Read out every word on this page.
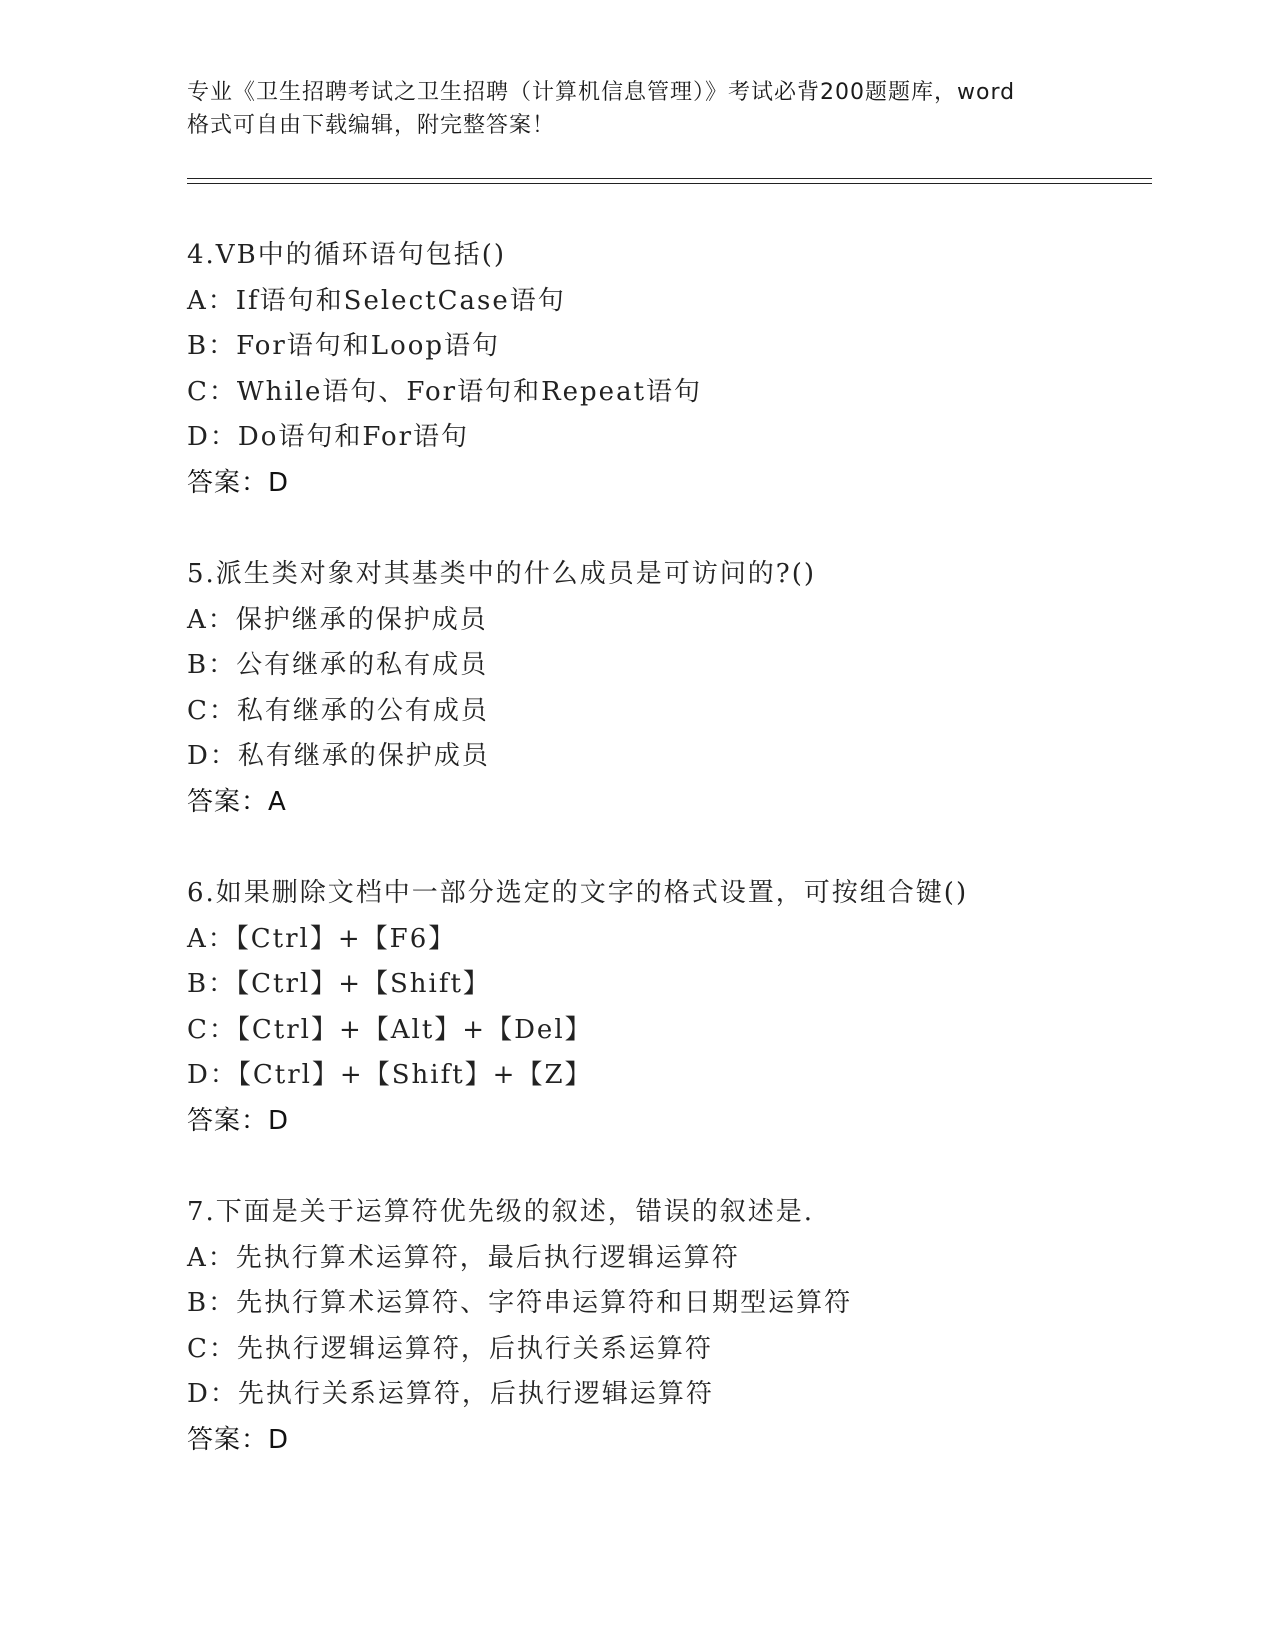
专业《卫生招聘考试之卫生招聘（计算机信息管理）》考试必背200题题库，word
格式可自由下载编辑，附完整答案！
4.VB中的循环语句包括()
A：If语句和SelectCase语句
B：For语句和Loop语句
C：While语句、For语句和Repeat语句
D：Do语句和For语句
答案：D
5.派生类对象对其基类中的什么成员是可访问的?()
A：保护继承的保护成员
B：公有继承的私有成员
C：私有继承的公有成员
D：私有继承的保护成员
答案：A
6.如果删除文档中一部分选定的文字的格式设置，可按组合键()
A：【Ctrl】+【F6】
B：【Ctrl】+【Shift】
C：【Ctrl】+【Alt】+【Del】
D：【Ctrl】+【Shift】+【Z】
答案：D
7.下面是关于运算符优先级的叙述，错误的叙述是.
A：先执行算术运算符，最后执行逻辑运算符
B：先执行算术运算符、字符串运算符和日期型运算符
C：先执行逻辑运算符，后执行关系运算符
D：先执行关系运算符，后执行逻辑运算符
答案：D
